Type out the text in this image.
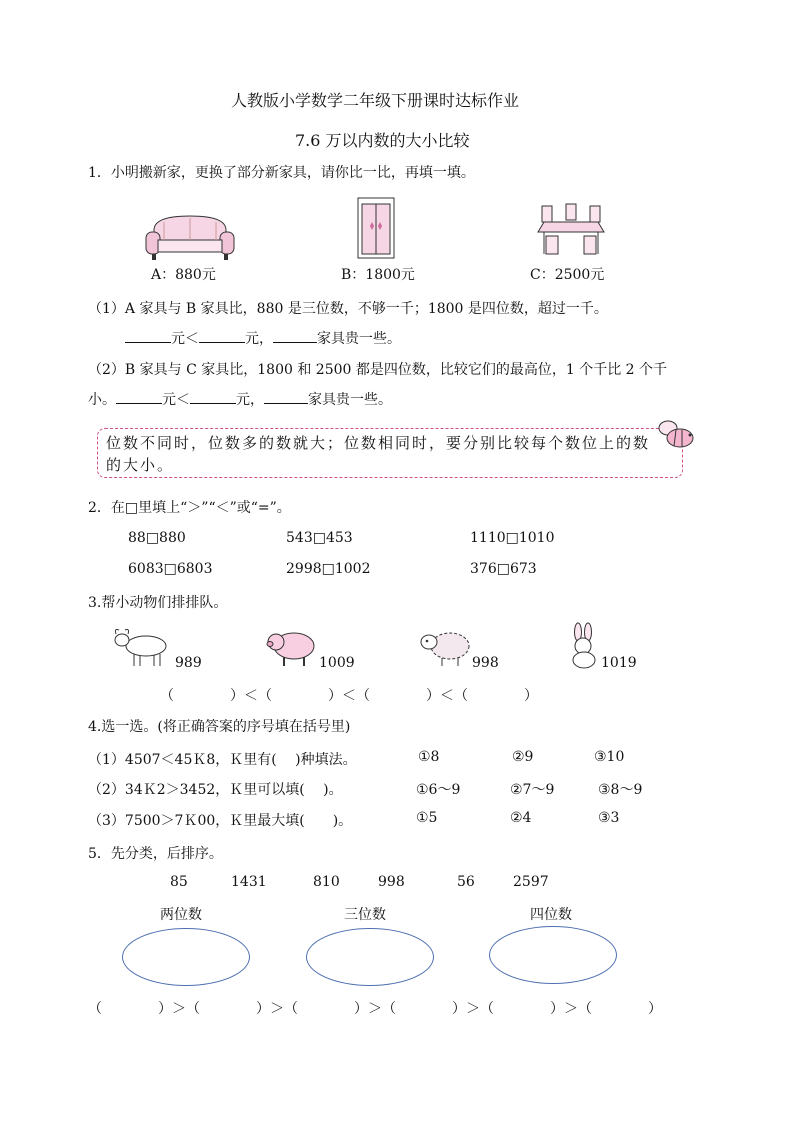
人教版小学数学二年级下册课时达标作业
7.6 万以内数的大小比较
1．小明搬新家，更换了部分新家具，请你比一比，再填一填。
A：880元	B：1800元	C：2500元
（1）A 家具与 B 家具比，880 是三位数，不够一千；1800 是四位数，超过一千。
元＜	元，	家具贵一些。
（2）B 家具与 C 家具比，1800 和 2500 都是四位数，比较它们的最高位，1 个千比 2 个千
小。	元＜	元，	家具贵一些。
位数不同时，位数多的数就大；位数相同时，要分别比较每个数位上的数的大小。
2．在□里填上“＞”“＜”或“=”。
88□880	543□453	1110□1010
6083□6803	2998□1002	376□673
3.帮小动物们排排队。
989	1009	998	1019
（　　　　）＜（　　　　）＜（　　　　）＜（　　　　）
4.选一选。(将正确答案的序号填在括号里)
（1）4507＜45Ｋ8，Ｋ里有(　 )种填法。	①8	②9	③10
（2）34Ｋ2＞3452，Ｋ里可以填(　 )。	①6～9	②7～9	③8～9
（3）7500＞7Ｋ00，Ｋ里最大填(　　)。	①5	②4	③3
5．先分类，后排序。
85	1431	810	998	56	2597
两位数	三位数	四位数
（　　　　）＞（　　　　）＞（　　　　）＞（　　　　）＞（　　　　）＞（　　　　）
